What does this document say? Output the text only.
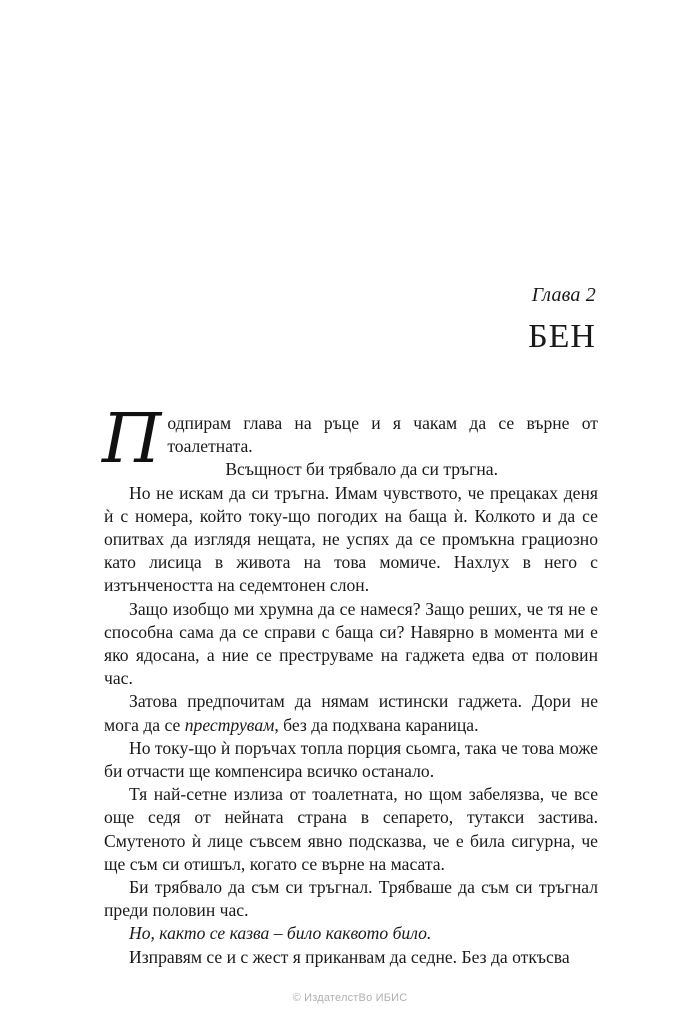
Глава 2
БЕН

П одпирам глава на ръце и я чакам да се върне от тоалетната.

Всъщност би трябвало да си тръгна.

Но не искам да си тръгна. Имам чувството, че прецаках деня ѝ с номера, който току-що погодих на баща ѝ. Колкото и да се опитвах да изглядя нещата, не успях да се промъкна грациозно като лисица в живота на това момиче. Нахлух в него с изтънчеността на седемтонен слон.

Защо изобщо ми хрумна да се намеся? Защо реших, че тя не е способна сама да се справи с баща си? Навярно в момента ми е яко ядосана, а ние се преструваме на гаджета едва от половин час.

Затова предпочитам да нямам истински гаджета. Дори не мога да се преструвам, без да подхвана караница.

Но току-що ѝ поръчах топла порция сьомга, така че това може би отчасти ще компенсира всичко останало.

Тя най-сетне излиза от тоалетната, но щом забелязва, че все още седя от нейната страна в сепарето, тутакси застива. Смутеното ѝ лице съвсем явно подсказва, че е била сигурна, че ще съм си отишъл, когато се върне на масата.

Би трябвало да съм си тръгнал. Трябваше да съм си тръгнал преди половин час.

Но, както се казва – било каквото било.

Изправям се и с жест я приканвам да седне. Без да откъсва

© ИздателстВо ИБИС
